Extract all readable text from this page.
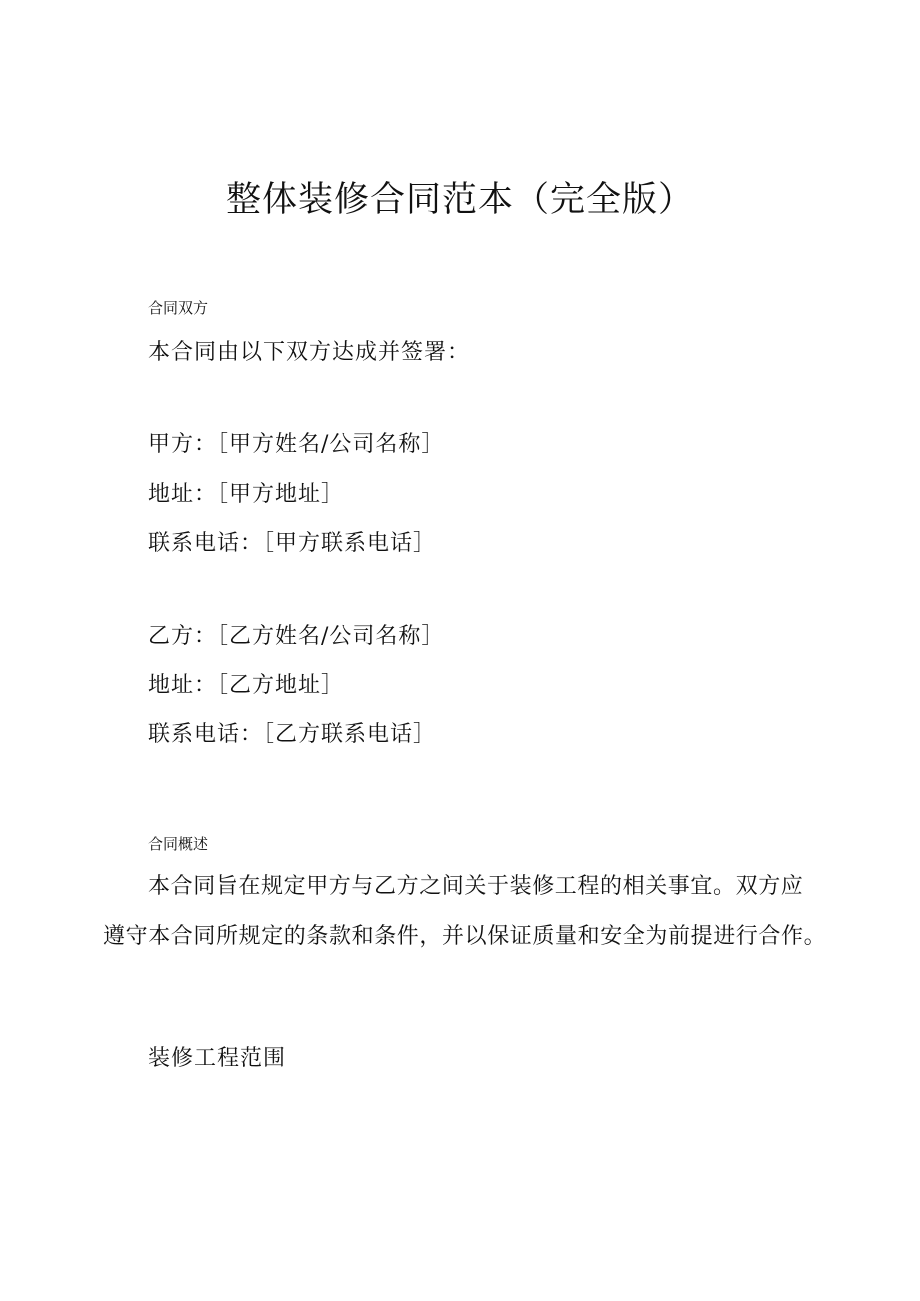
整体装修合同范本（完全版）
合同双方
本合同由以下双方达成并签署：
甲方：［甲方姓名/公司名称］
地址：［甲方地址］
联系电话：［甲方联系电话］
乙方：［乙方姓名/公司名称］
地址：［乙方地址］
联系电话：［乙方联系电话］
合同概述
本合同旨在规定甲方与乙方之间关于装修工程的相关事宜。双方应
遵守本合同所规定的条款和条件，并以保证质量和安全为前提进行合作。
装修工程范围
